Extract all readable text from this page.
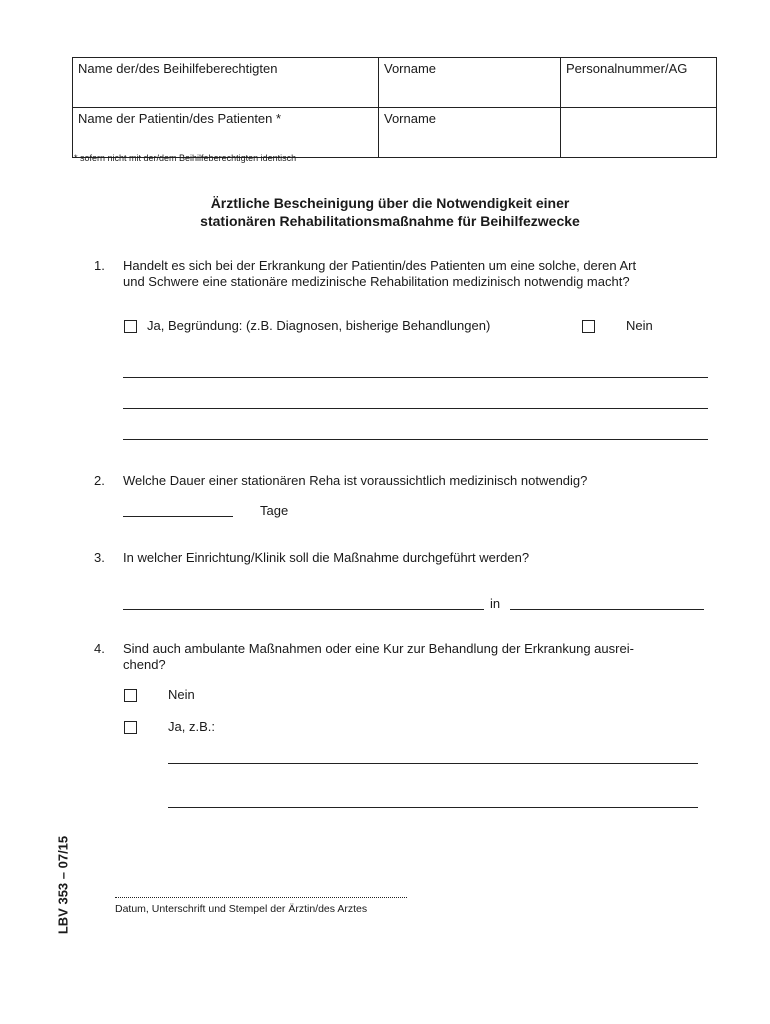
Name der/des Beihilfeberechtigten	Vorname	Personalnummer/AG
Name der Patientin/des Patienten *	Vorname	
* sofern nicht mit der/dem Beihilfeberechtigten identisch
Ärztliche Bescheinigung über die Notwendigkeit einer
stationären Rehabilitationsmaßnahme für Beihilfezwecke
1. Handelt es sich bei der Erkrankung der Patientin/des Patienten um eine solche, deren Art
und Schwere eine stationäre medizinische Rehabilitation medizinisch notwendig macht?
Ja, Begründung: (z.B. Diagnosen, bisherige Behandlungen)	Nein
2. Welche Dauer einer stationären Reha ist voraussichtlich medizinisch notwendig?
Tage
3. In welcher Einrichtung/Klinik soll die Maßnahme durchgeführt werden?
in
4. Sind auch ambulante Maßnahmen oder eine Kur zur Behandlung der Erkrankung ausrei-
chend?
Nein
Ja, z.B.:
LBV 353 – 07/15	Datum, Unterschrift und Stempel der Ärztin/des Arztes
